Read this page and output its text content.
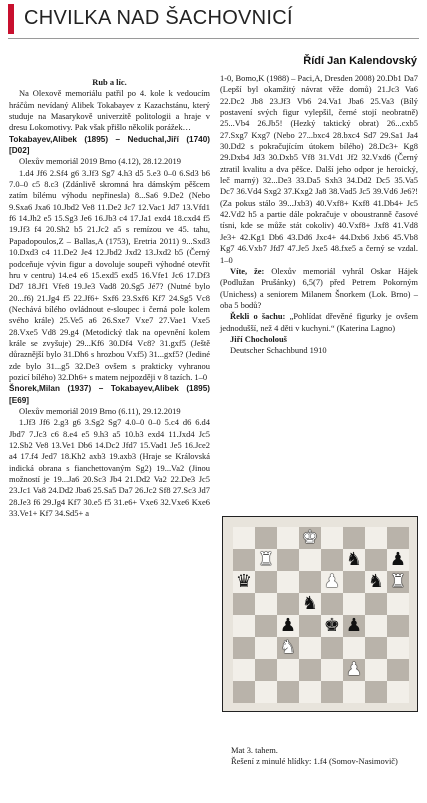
CHVILKA NAD ŠACHOVNICÍ
Řídí Jan Kalendovský

Rub a líc.

Na Olexově memoriálu patřil po 4. kole k vedoucím hráčům nevídaný Alibek Tokabayev z Kazachstánu, který studuje na Masarykově univerzitě politologii a hraje v dresu Lokomotivy. Pak však přišlo několik porážek…

Tokabayev,Alibek (1895) – Neduchal,Jiří (1740) [D02]

Olexův memoriál 2019 Brno (4.12), 28.12.2019

1.d4 Jf6 2.Sf4 g6 3.Jf3 Sg7 4.h3 d5 5.e3 0–0 6.Sd3 b6 7.0–0 c5 8.c3 (Zdánlivě skromná hra dámským pěšcem zatím bílému výhodu nepřinesla) 8...Sa6 9.De2 (Nebo 9.Sxa6 Jxa6 10.Jbd2 Ve8 11.De2 Jc7 12.Vac1 Jd7 13.Vfd1 f6 14.Jh2 e5 15.Sg3 Je6 16.Jb3 c4 17.Ja1 exd4 18.cxd4 f5 19.Jf3 f4 20.Sh2 b5 21.Jc2 a5 s remízou ve 45. tahu, Papadopoulos,Z – Ballas,A (1753), Eretria 2011) 9...Sxd3 10.Dxd3 c4 11.De2 Je4 12.Jbd2 Jxd2 13.Jxd2 b5 (Černý podceňuje vývin figur a dovoluje soupeři výhodné otevřít hru v centru) 14.e4 e6 15.exd5 exd5 16.Vfe1 Jc6 17.Df3 Dd7 18.Jf1 Vfe8 19.Je3 Vad8 20.Sg5 Jé7? (Nutné bylo 20...f6) 21.Jg4 f5 22.Jf6+ Sxf6 23.Sxf6 Kf7 24.Sg5 Vc8 (Nechává bílého ovládnout e-sloupec i černá pole kolem svého krále) 25.Ve5 a6 26.Sxe7 Vxe7 27.Vae1 Vxe5 28.Vxe5 Vd8 29.g4 (Metodický tlak na opevnění kolem krále se zvyšuje) 29...Kf6 30.Df4 Vc8? 31.gxf5 (Ještě důraznější bylo 31.Dh6 s hrozbou Vxf5) 31...gxf5? (Jediné zde bylo 31...g5 32.De3 ovšem s prakticky vyhranou pozicí bílého) 32.Dh6+ s matem nejpozději v 8 tazích. 1–0

Šnorek,Milan (1937) – Tokabayev,Alibek (1895) [E69]

Olexův memoriál 2019 Brno (6.11), 29.12.2019

1.Jf3 Jf6 2.g3 g6 3.Sg2 Sg7 4.0–0 0–0 5.c4 d6 6.d4 Jbd7 7.Jc3 c6 8.e4 e5 9.h3 a5 10.b3 exd4 11.Jxd4 Jc5 12.Sb2 Ve8 13.Ve1 Db6 14.Dc2 Jfd7 15.Vad1 Je5 16.Jce2 a4 17.f4 Jed7 18.Kh2 axb3 19.axb3 (Hraje se Královská indická obrana s fianchettovaným Sg2) 19...Va2 (Jinou možností je 19...Ja6 20.Sc3 Jb4 21.Dd2 Va2 22.De3 Jc5 23.Jc1 Va8 24.Dd2 Jba6 25.Sa5 Da7 26.Jc2 Sf8 27.Sc3 Jd7 28.Je3 f6 29.Jg4 Kf7 30.e5 f5 31.e6+ Vxe6 32.Vxe6 Kxe6 33.Ve1+ Kf7 34.Sd5+ a

1-0, Bomo,K (1988) – Paci,A, Dresden 2008) 20.Db1 Da7 (Lepší byl okamžitý návrat věže domů) 21.Jc3 Va6 22.Dc2 Jb8 23.Jf3 Vb6 24.Va1 Jba6 25.Va3 (Bílý postavení svých figur vylepšil, černé stojí neobratně) 25...Vb4 26.Jb5! (Hezký taktický obrat) 26...cxb5 27.Sxg7 Kxg7 (Nebo 27...bxc4 28.bxc4 Sd7 29.Sa1 Ja4 30.Dd2 s pokračujícím útokem bílého) 28.Dc3+ Kg8 29.Dxb4 Jd3 30.Dxb5 Vf8 31.Vd1 Jf2 32.Vxd6 (Černý ztratil kvalitu a dva pěšce. Další jeho odpor je heroický, leč marný) 32...De3 33.Da5 Sxh3 34.Dd2 Dc5 35.Va5 Dc7 36.Vd4 Sxg2 37.Kxg2 Ja8 38.Vad5 Jc5 39.Vd6 Je6?! (Za pokus stálo 39...Jxb3) 40.Vxf8+ Kxf8 41.Db4+ Jc5 42.Vd2 h5 a partie dále pokračuje v oboustranně časové tísni, kde se může stát cokoliv) 40.Vxf8+ Jxf8 41.Vd8 Je3+ 42.Kg1 Db6 43.Dd6 Jxc4+ 44.Dxb6 Jxb6 45.Vb8 Kg7 46.Vxb7 Jfd7 47.Je5 Jxe5 48.fxe5 a černý se vzdal. 1–0

Víte, že: Olexův memoriál vyhrál Oskar Hájek (Podlužan Prušánky) 6,5(7) před Petrem Pokorným (Unichess) a seniorem Milanem Šnorkem (Lok. Brno) – oba 5 bodů?

Řekli o šachu: „Pohlídat dřevěné figurky je ovšem jednodušší, než 4 děti v kuchyni.“ (Katerina Lagno)

Jiří Chocholouš

Deutscher Schachbund 1910

♚
♜	♞ ♟
♛	♟ ♞ ♜
♞
♟ ♚ ♟
♞
♟

Mat 3. tahem.

Řešení z minulé hlídky: 1.f4 (Somov-Nasimovič)
